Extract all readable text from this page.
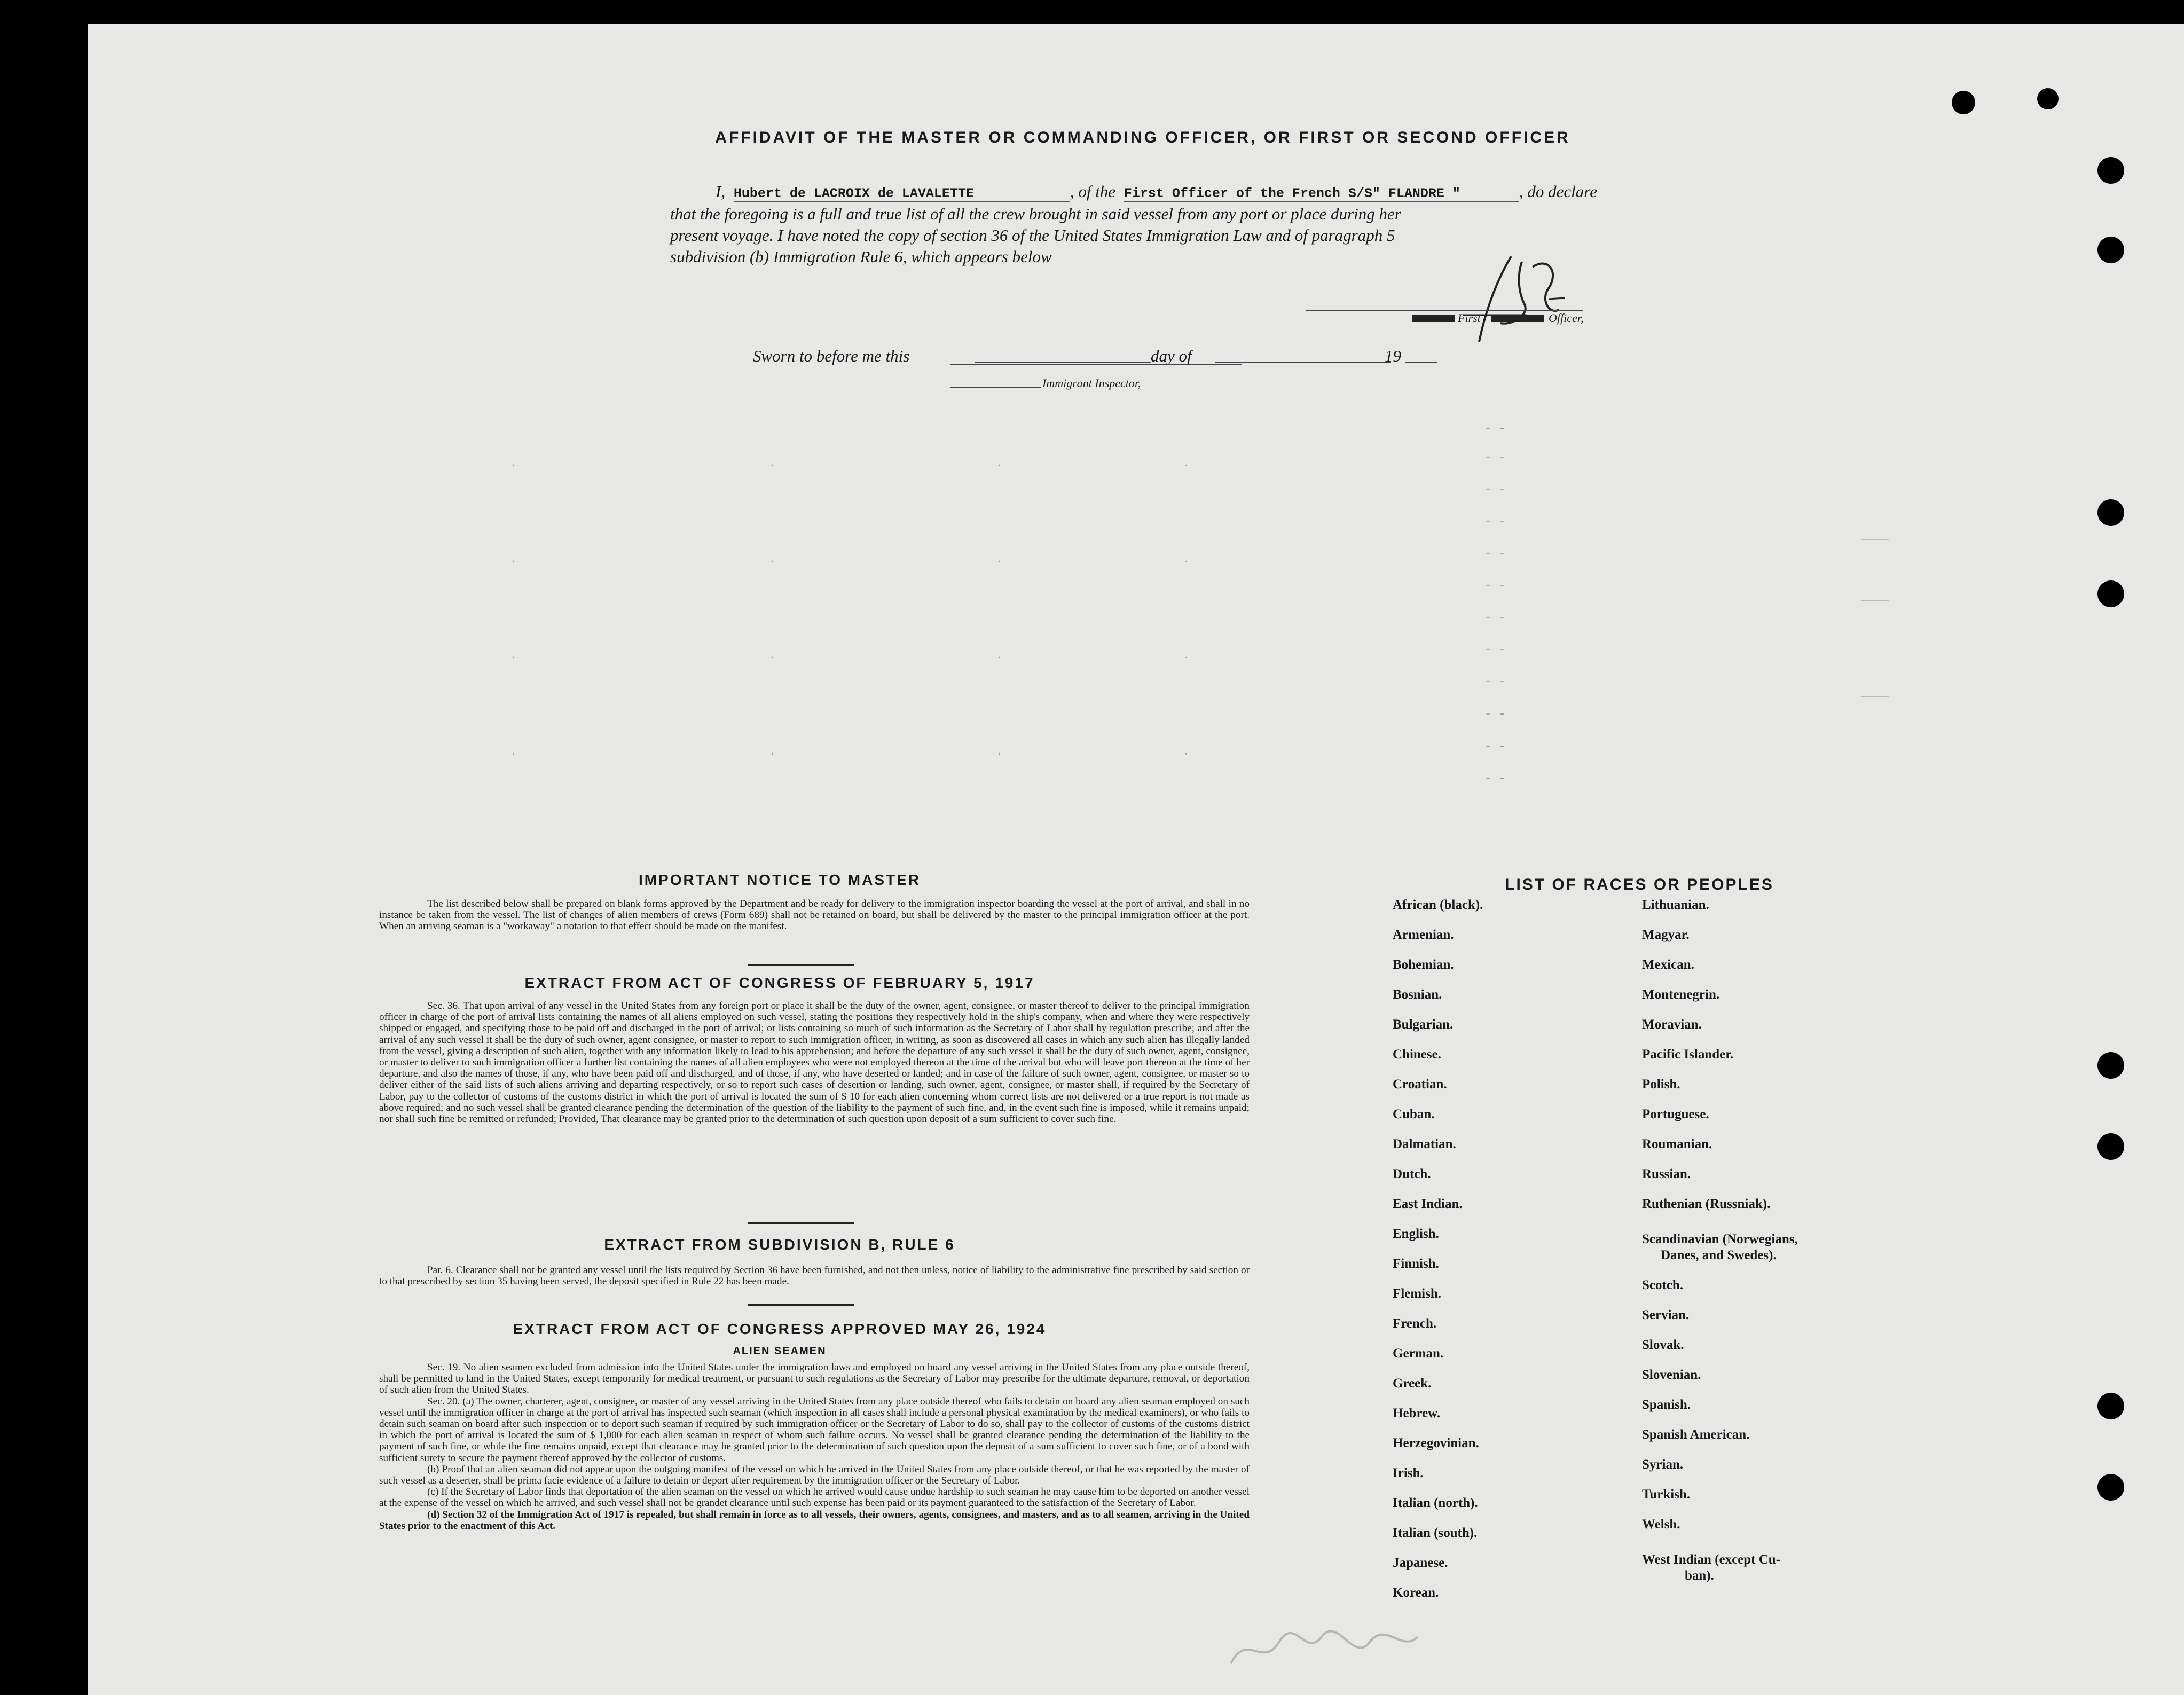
AFFIDAVIT OF THE MASTER OR COMMANDING OFFICER, OR FIRST OR SECOND OFFICER
I, Hubert de LACROIX de LAVALETTE	, of the First Officer of the French S/S" FLANDRE "	, do declare
that the foregoing is a full and true list of all the crew brought in said vessel from any port or place during her
present voyage. I have noted the copy of section 36 of the United States Immigration Law and of paragraph 5
subdivision (b) Immigration Rule 6, which appears below
First	Officer,
Sworn to before me this	day of	19
Immigrant Inspector,
- -
- -
- -
- -
- -
- -
- -
- -
- -
- -
- -
- -
.	.	.	.
.	.	.	.
.	.	.	.
.	.	.	.
____
____
____
IMPORTANT NOTICE TO MASTER
The list described below shall be prepared on blank forms approved by the Department and be ready for delivery to the immigration inspector boarding the vessel at the port of arrival, and shall in no instance be taken from the vessel. The list of changes of alien members of crews (Form 689) shall not be retained on board, but shall be delivered by the master to the principal immigration officer at the port. When an arriving seaman is a "workaway" a notation to that effect should be made on the manifest.
EXTRACT FROM ACT OF CONGRESS OF FEBRUARY 5, 1917
Sec. 36. That upon arrival of any vessel in the United States from any foreign port or place it shall be the duty of the owner, agent, consignee, or master thereof to deliver to the principal immigration officer in charge of the port of arrival lists containing the names of all aliens employed on such vessel, stating the positions they respectively hold in the ship's company, when and where they were respectively shipped or engaged, and specifying those to be paid off and discharged in the port of arrival; or lists containing so much of such information as the Secretary of Labor shall by regulation prescribe; and after the arrival of any such vessel it shall be the duty of such owner, agent consignee, or master to report to such immigration officer, in writing, as soon as discovered all cases in which any such alien has illegally landed from the vessel, giving a description of such alien, together with any information likely to lead to his apprehension; and before the departure of any such vessel it shall be the duty of such owner, agent, consignee, or master to deliver to such immigration officer a further list containing the names of all alien employees who were not employed thereon at the time of the arrival but who will leave port thereon at the time of her departure, and also the names of those, if any, who have been paid off and discharged, and of those, if any, who have deserted or landed; and in case of the failure of such owner, agent, consignee, or master so to deliver either of the said lists of such aliens arriving and departing respectively, or so to report such cases of desertion or landing, such owner, agent, consignee, or master shall, if required by the Secretary of Labor, pay to the collector of customs of the customs district in which the port of arrival is located the sum of $ 10 for each alien concerning whom correct lists are not delivered or a true report is not made as above required; and no such vessel shall be granted clearance pending the determination of the question of the liability to the payment of such fine, and, in the event such fine is imposed, while it remains unpaid; nor shall such fine be remitted or refunded; Provided, That clearance may be granted prior to the determination of such question upon deposit of a sum sufficient to cover such fine.
EXTRACT FROM SUBDIVISION B, RULE 6
Par. 6. Clearance shall not be granted any vessel until the lists required by Section 36 have been furnished, and not then unless, notice of liability to the administrative fine prescribed by said section or to that prescribed by section 35 having been served, the deposit specified in Rule 22 has been made.
EXTRACT FROM ACT OF CONGRESS APPROVED MAY 26, 1924
ALIEN SEAMEN
Sec. 19. No alien seamen excluded from admission into the United States under the immigration laws and employed on board any vessel arriving in the United States from any place outside thereof, shall be permitted to land in the United States, except temporarily for medical treatment, or pursuant to such regulations as the Secretary of Labor may prescribe for the ultimate departure, removal, or deportation of such alien from the United States.
Sec. 20. (a) The owner, charterer, agent, consignee, or master of any vessel arriving in the United States from any place outside thereof who fails to detain on board any alien seaman employed on such vessel until the immigration officer in charge at the port of arrival has inspected such seaman (which inspection in all cases shall include a personal physical examination by the medical examiners), or who fails to detain such seaman on board after such inspection or to deport such seaman if required by such immigration officer or the Secretary of Labor to do so, shall pay to the collector of customs of the customs district in which the port of arrival is located the sum of $ 1,000 for each alien seaman in respect of whom such failure occurs. No vessel shall be granted clearance pending the determination of the liability to the payment of such fine, or while the fine remains unpaid, except that clearance may be granted prior to the determination of such question upon the deposit of a sum sufficient to cover such fine, or of a bond with sufficient surety to secure the payment thereof approved by the collector of customs.
(b) Proof that an alien seaman did not appear upon the outgoing manifest of the vessel on which he arrived in the United States from any place outside thereof, or that he was reported by the master of such vessel as a deserter, shall be prima facie evidence of a failure to detain or deport after requirement by the immigration officer or the Secretary of Labor.
(c) If the Secretary of Labor finds that deportation of the alien seaman on the vessel on which he arrived would cause undue hardship to such seaman he may cause him to be deported on another vessel at the expense of the vessel on which he arrived, and such vessel shall not be grandet clearance until such expense has been paid or its payment guaranteed to the satisfaction of the Secretary of Labor.
(d) Section 32 of the Immigration Act of 1917 is repealed, but shall remain in force as to all vessels, their owners, agents, consignees, and masters, and as to all seamen, arriving in the United States prior to the enactment of this Act.
LIST OF RACES OR PEOPLES
African (black).
Armenian.
Bohemian.
Bosnian.
Bulgarian.
Chinese.
Croatian.
Cuban.
Dalmatian.
Dutch.
East Indian.
English.
Finnish.
Flemish.
French.
German.
Greek.
Hebrew.
Herzegovinian.
Irish.
Italian (north).
Italian (south).
Japanese.
Korean.
Lithuanian.
Magyar.
Mexican.
Montenegrin.
Moravian.
Pacific Islander.
Polish.
Portuguese.
Roumanian.
Russian.
Ruthenian (Russniak).
Scandinavian (Norwegians,
Danes, and Swedes).
Scotch.
Servian.
Slovak.
Slovenian.
Spanish.
Spanish American.
Syrian.
Turkish.
Welsh.
West Indian (except Cu-
ban).
